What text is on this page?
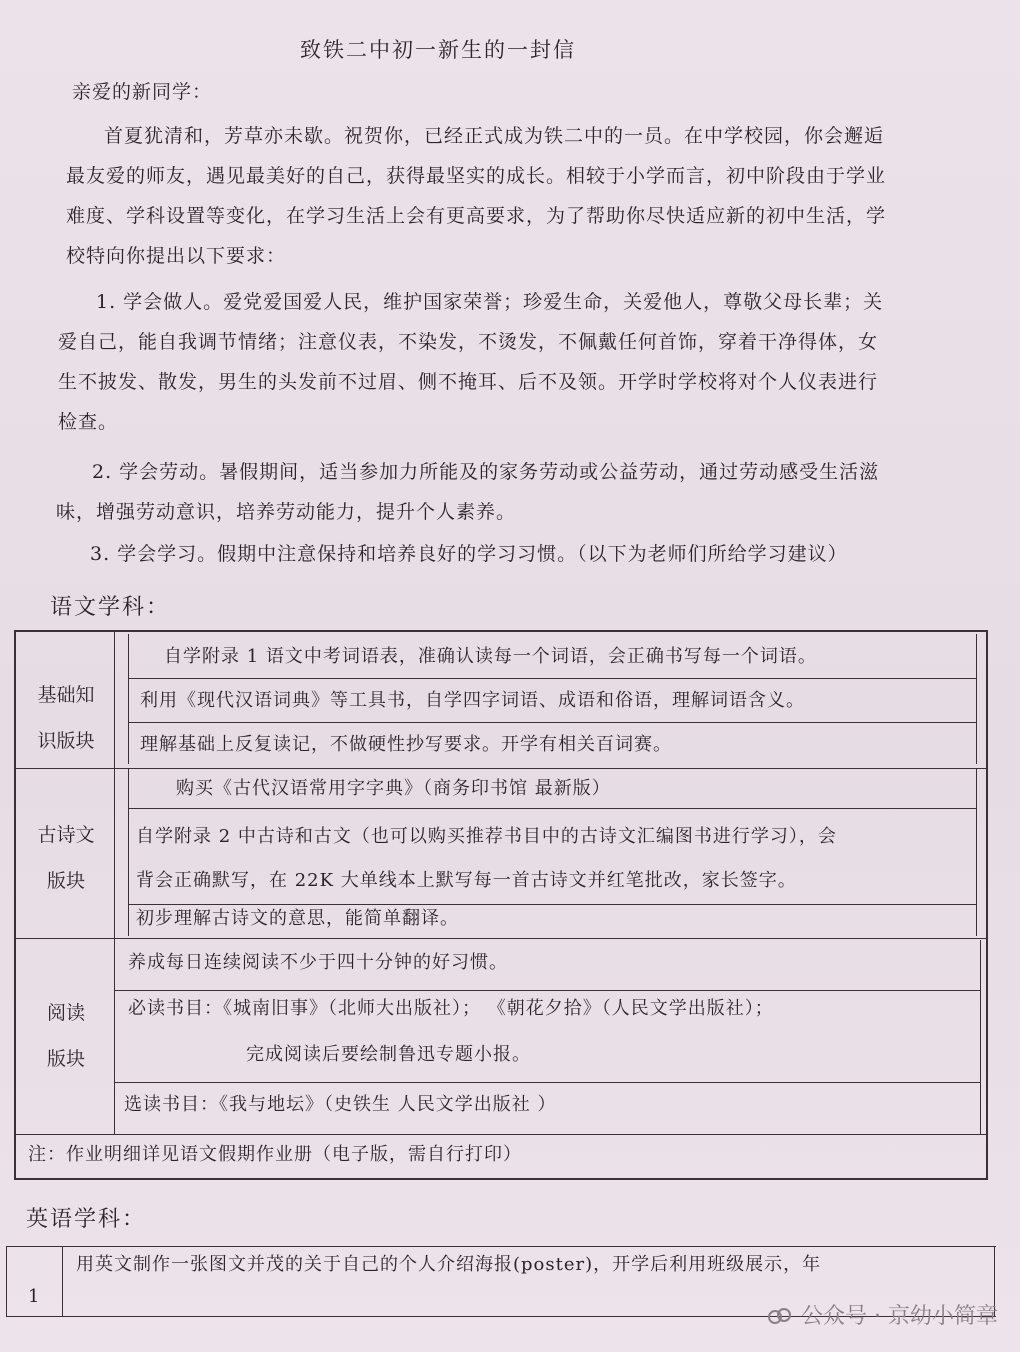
致铁二中初一新生的一封信
亲爱的新同学：
首夏犹清和，芳草亦未歇。祝贺你，已经正式成为铁二中的一员。在中学校园，你会邂逅
最友爱的师友，遇见最美好的自己，获得最坚实的成长。相较于小学而言，初中阶段由于学业
难度、学科设置等变化，在学习生活上会有更高要求，为了帮助你尽快适应新的初中生活，学
校特向你提出以下要求：
1. 学会做人。爱党爱国爱人民，维护国家荣誉；珍爱生命，关爱他人，尊敬父母长辈；关
爱自己，能自我调节情绪；注意仪表，不染发，不烫发，不佩戴任何首饰，穿着干净得体，女
生不披发、散发，男生的头发前不过眉、侧不掩耳、后不及领。开学时学校将对个人仪表进行
检查。
2. 学会劳动。暑假期间，适当参加力所能及的家务劳动或公益劳动，通过劳动感受生活滋
味，增强劳动意识，培养劳动能力，提升个人素养。
3. 学会学习。假期中注意保持和培养良好的学习习惯。（以下为老师们所给学习建议）
语文学科：
基础知
识版块
自学附录 1 语文中考词语表，准确认读每一个词语，会正确书写每一个词语。
利用《现代汉语词典》等工具书，自学四字词语、成语和俗语，理解词语含义。
理解基础上反复读记，不做硬性抄写要求。开学有相关百词赛。
古诗文
版块
购买《古代汉语常用字字典》（商务印书馆 最新版）
自学附录 2 中古诗和古文（也可以购买推荐书目中的古诗文汇编图书进行学习），会
背会正确默写，在 22K 大单线本上默写每一首古诗文并红笔批改，家长签字。
初步理解古诗文的意思，能简单翻译。
阅读
版块
养成每日连续阅读不少于四十分钟的好习惯。
必读书目：《城南旧事》（北师大出版社）； 《朝花夕拾》（人民文学出版社）；
完成阅读后要绘制鲁迅专题小报。
选读书目：《我与地坛》（史铁生 人民文学出版社 ）
注：作业明细详见语文假期作业册（电子版，需自行打印）
英语学科：
1
用英文制作一张图文并茂的关于自己的个人介绍海报(poster)，开学后利用班级展示，年
公众号 · 京幼小简章
